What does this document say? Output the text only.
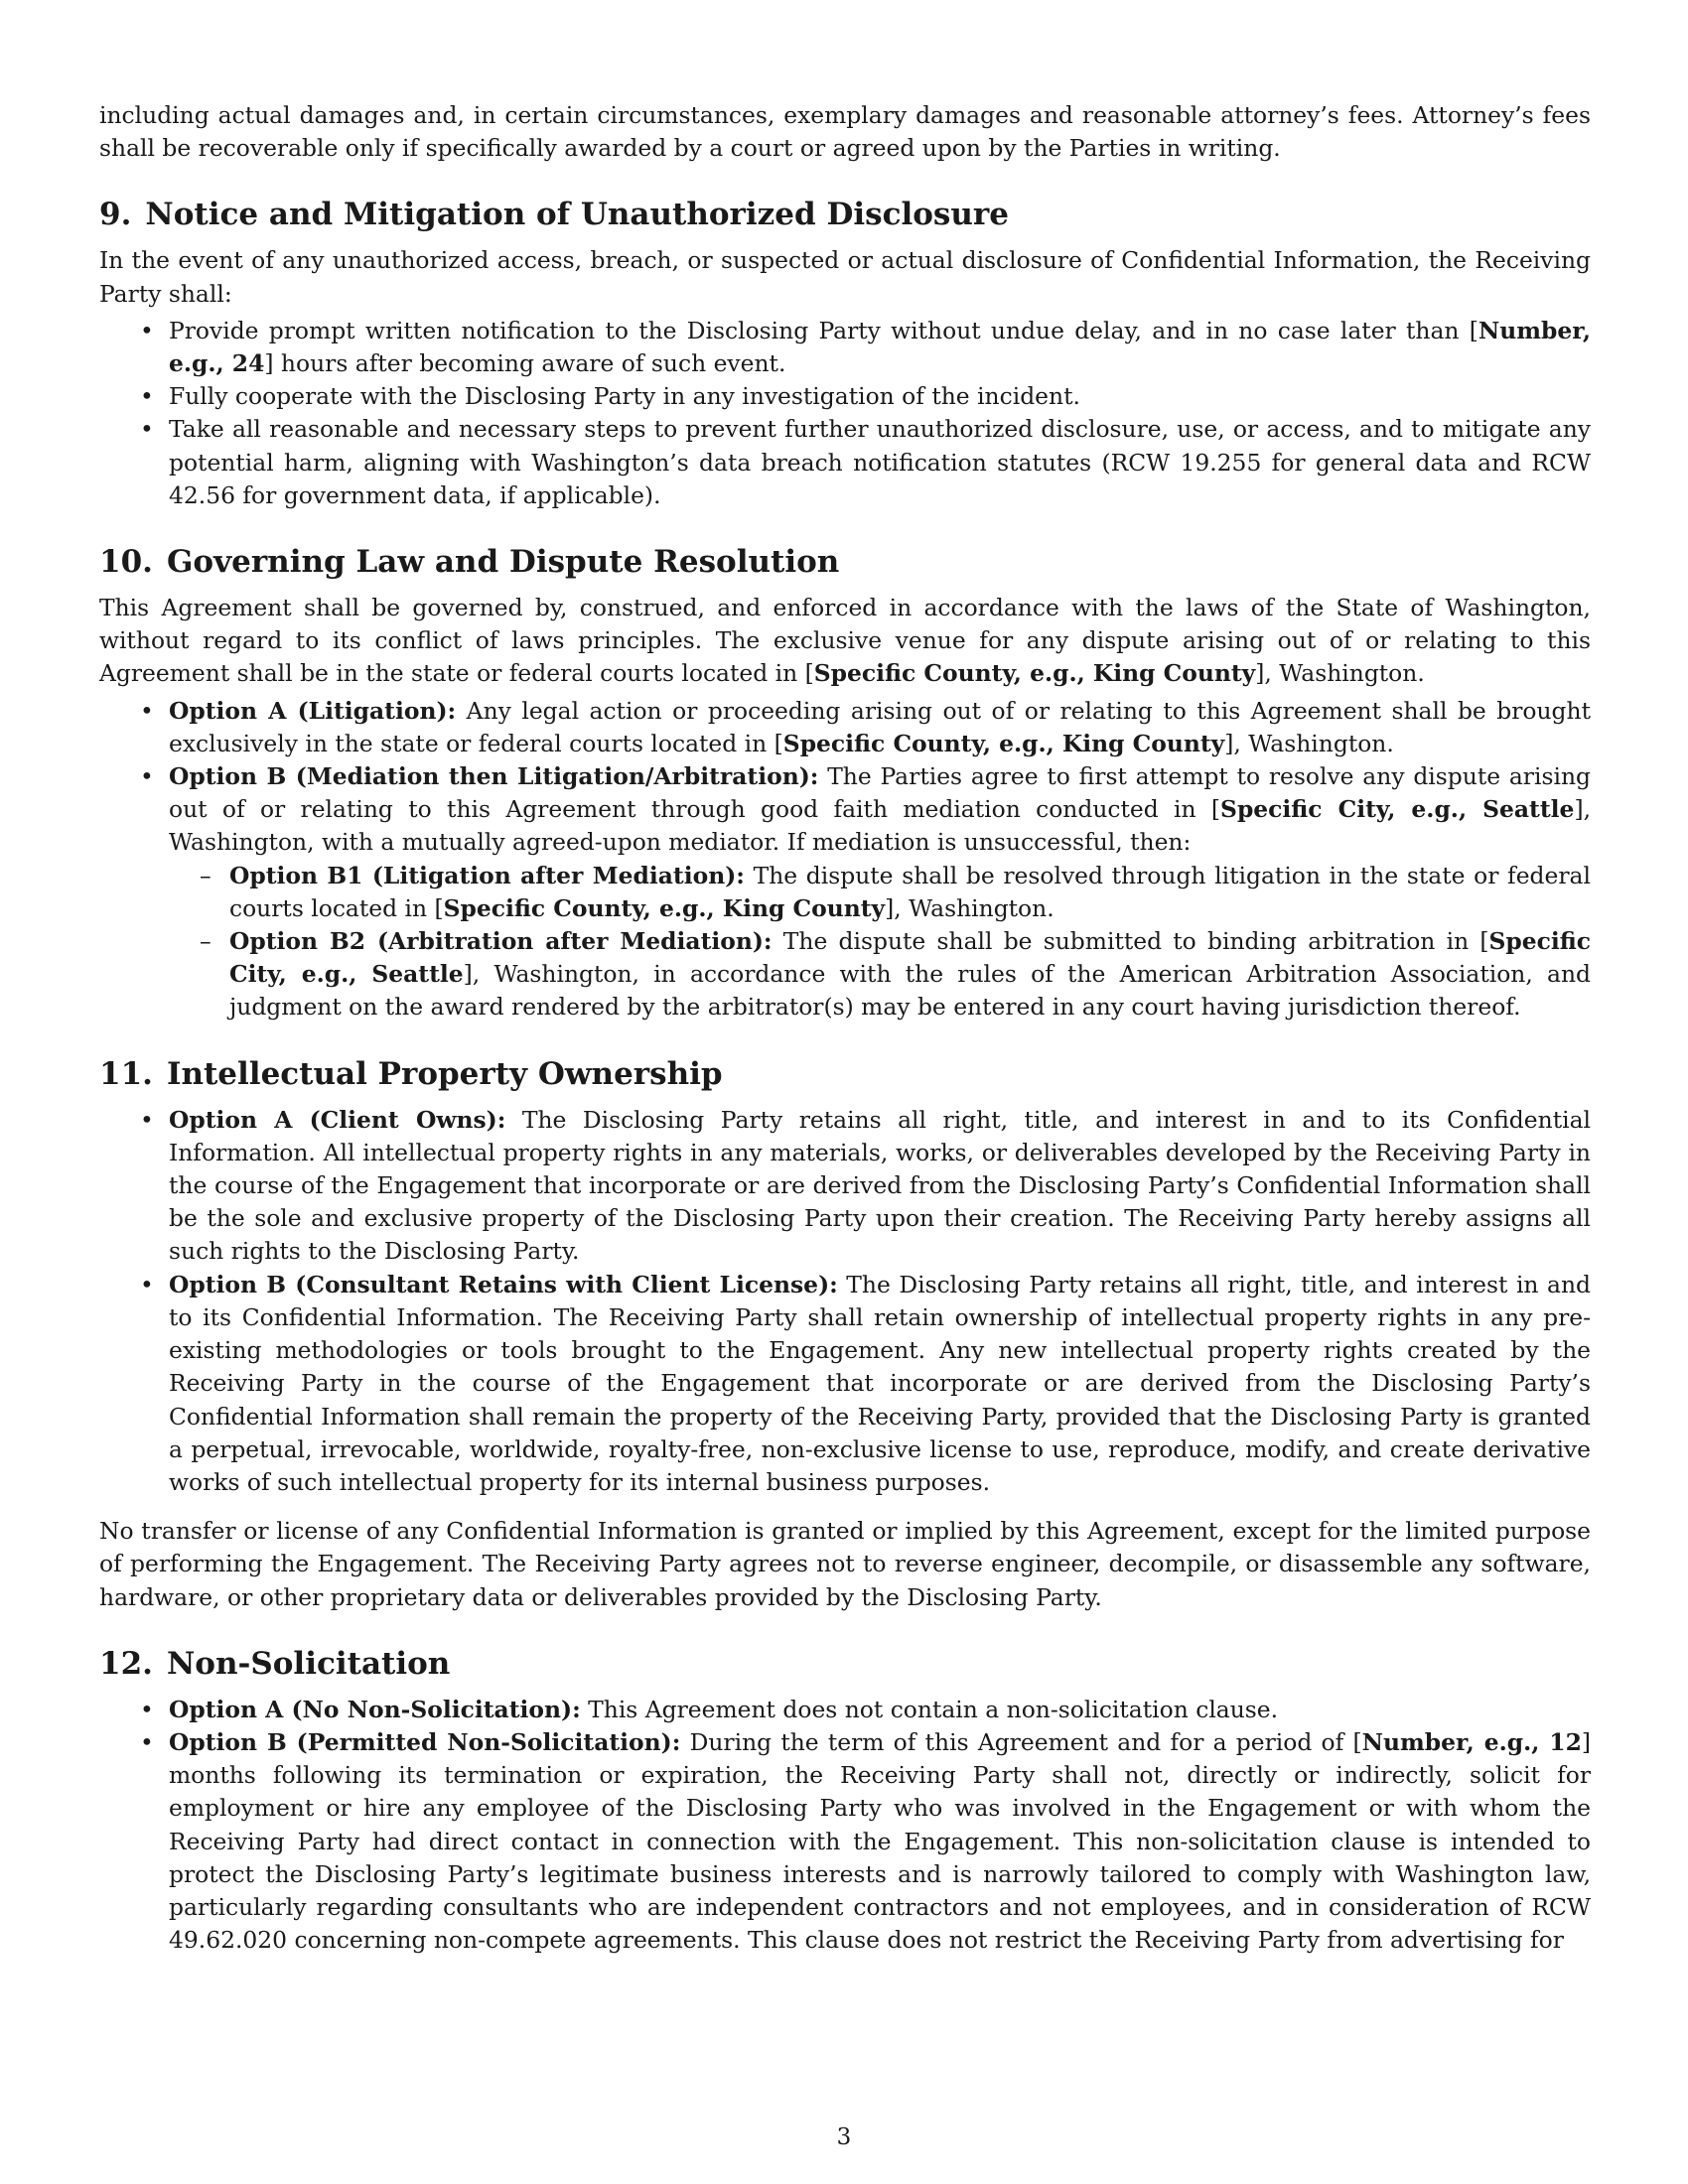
including actual damages and, in certain circumstances, exemplary damages and reasonable attorney’s fees. Attorney’s fees shall be recoverable only if specifically awarded by a court or agreed upon by the Parties in writing.

9. Notice and Mitigation of Unauthorized Disclosure

In the event of any unauthorized access, breach, or suspected or actual disclosure of Confidential Information, the Receiving Party shall:

• Provide prompt written notification to the Disclosing Party without undue delay, and in no case later than [Number, e.g., 24] hours after becoming aware of such event.
• Fully cooperate with the Disclosing Party in any investigation of the incident.
• Take all reasonable and necessary steps to prevent further unauthorized disclosure, use, or access, and to mitigate any potential harm, aligning with Washington’s data breach notification statutes (RCW 19.255 for general data and RCW 42.56 for government data, if applicable).
10. Governing Law and Dispute Resolution

This Agreement shall be governed by, construed, and enforced in accordance with the laws of the State of Washington, without regard to its conflict of laws principles. The exclusive venue for any dispute arising out of or relating to this Agreement shall be in the state or federal courts located in [Specific County, e.g., King County], Washington.

• Option A (Litigation): Any legal action or proceeding arising out of or relating to this Agreement shall be brought exclusively in the state or federal courts located in [Specific County, e.g., King County], Washington.
• Option B (Mediation then Litigation/Arbitration): The Parties agree to first attempt to resolve any dispute arising out of or relating to this Agreement through good faith mediation conducted in [Specific City, e.g., Seattle], Washington, with a mutually agreed-upon mediator. If mediation is unsuccessful, then:
– Option B1 (Litigation after Mediation): The dispute shall be resolved through litigation in the state or federal courts located in [Specific County, e.g., King County], Washington.
– Option B2 (Arbitration after Mediation): The dispute shall be submitted to binding arbitration in [Specific City, e.g., Seattle], Washington, in accordance with the rules of the American Arbitration Association, and judgment on the award rendered by the arbitrator(s) may be entered in any court having jurisdiction thereof.
11. Intellectual Property Ownership
• Option A (Client Owns): The Disclosing Party retains all right, title, and interest in and to its Confidential Information. All intellectual property rights in any materials, works, or deliverables developed by the Receiving Party in the course of the Engagement that incorporate or are derived from the Disclosing Party’s Confidential Information shall be the sole and exclusive property of the Disclosing Party upon their creation. The Receiving Party hereby assigns all such rights to the Disclosing Party.
• Option B (Consultant Retains with Client License): The Disclosing Party retains all right, title, and interest in and to its Confidential Information. The Receiving Party shall retain ownership of intellectual property rights in any pre-existing methodologies or tools brought to the Engagement. Any new intellectual property rights created by the Receiving Party in the course of the Engagement that incorporate or are derived from the Disclosing Party’s Confidential Information shall remain the property of the Receiving Party, provided that the Disclosing Party is granted a perpetual, irrevocable, worldwide, royalty-free, non-exclusive license to use, reproduce, modify, and create derivative works of such intellectual property for its internal business purposes.

No transfer or license of any Confidential Information is granted or implied by this Agreement, except for the limited purpose of performing the Engagement. The Receiving Party agrees not to reverse engineer, decompile, or disassemble any software, hardware, or other proprietary data or deliverables provided by the Disclosing Party.

12. Non-Solicitation
• Option A (No Non-Solicitation): This Agreement does not contain a non-solicitation clause.
• Option B (Permitted Non-Solicitation): During the term of this Agreement and for a period of [Number, e.g., 12] months following its termination or expiration, the Receiving Party shall not, directly or indirectly, solicit for employment or hire any employee of the Disclosing Party who was involved in the Engagement or with whom the Receiving Party had direct contact in connection with the Engagement. This non-solicitation clause is intended to protect the Disclosing Party’s legitimate business interests and is narrowly tailored to comply with Washington law, particularly regarding consultants who are independent contractors and not employees, and in consideration of RCW 49.62.020 concerning non-compete agreements. This clause does not restrict the Receiving Party from advertising for
3
